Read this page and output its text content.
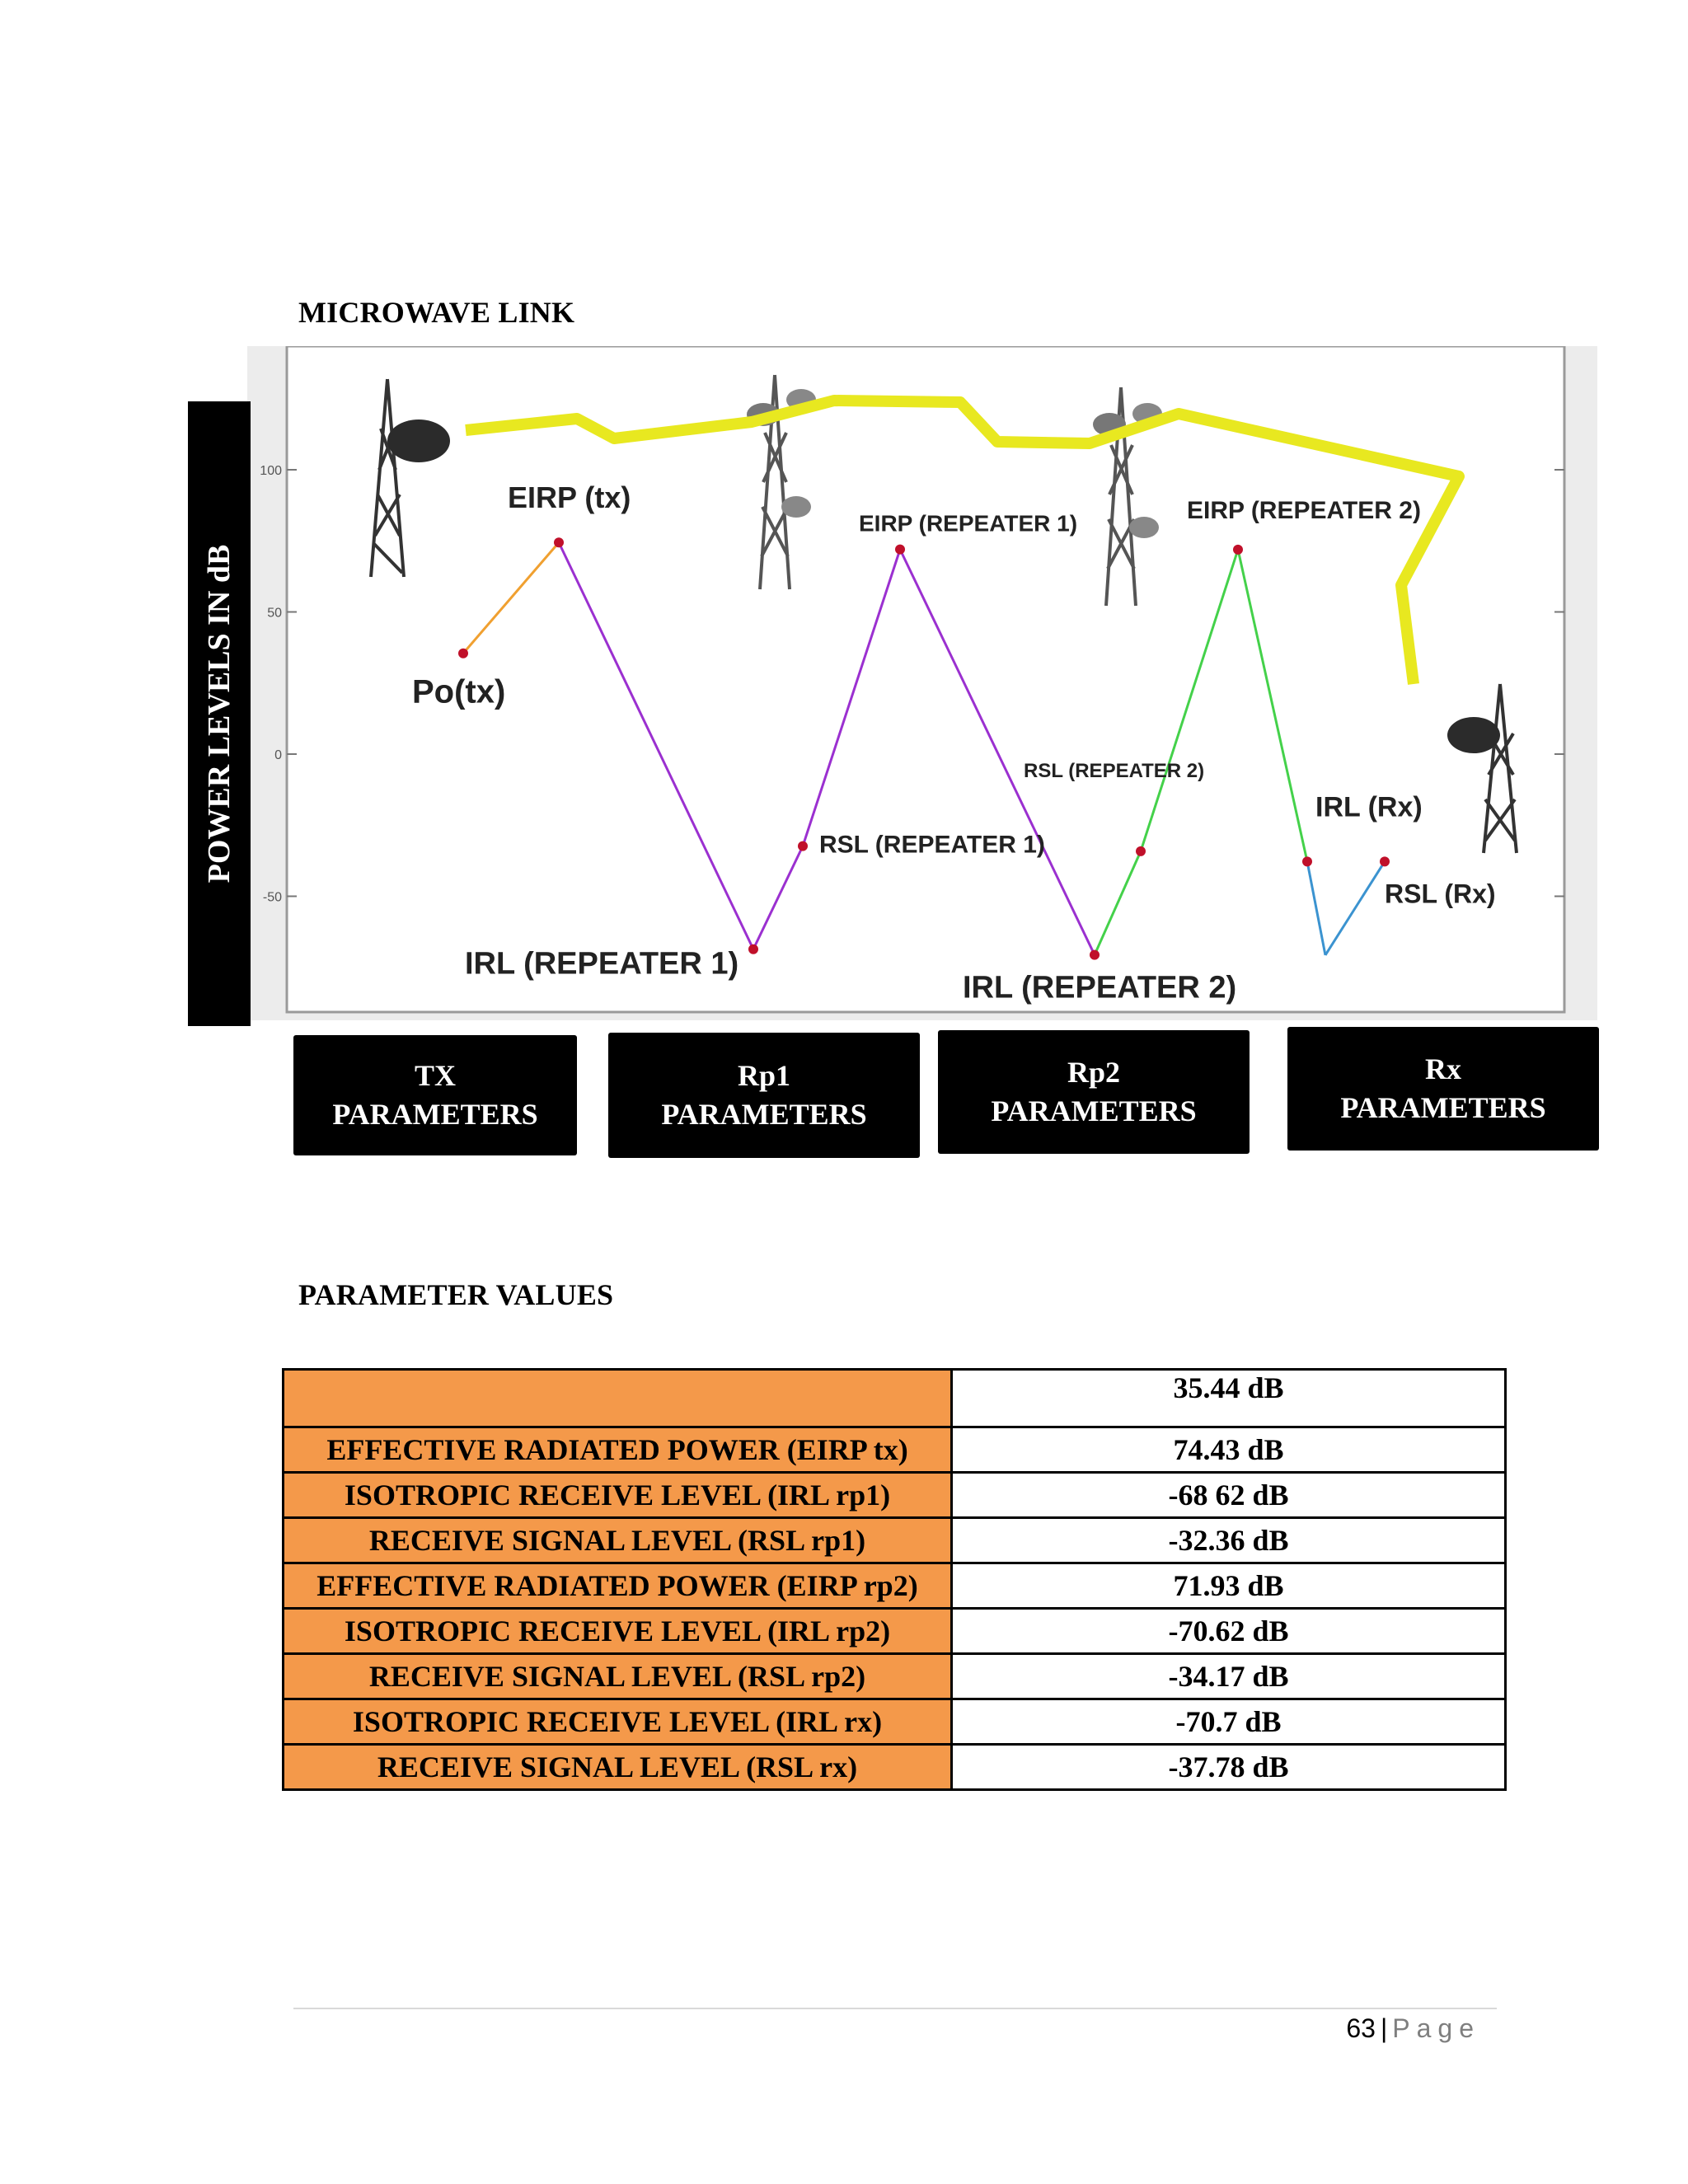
MICROWAVE LINK
100
50
0
-50
Po(tx)
EIRP (tx)
IRL (REPEATER 1)
RSL (REPEATER 1)
EIRP (REPEATER 1)
IRL (REPEATER 2)
RSL (REPEATER 2)
EIRP (REPEATER 2)
IRL (Rx)
RSL (Rx)
POWER LEVELS IN dB
TX
PARAMETERS
Rp1
PARAMETERS
Rp2
PARAMETERS
Rx
PARAMETERS
PARAMETER VALUES
	35.44 dB
EFFECTIVE RADIATED POWER (EIRP tx)	74.43 dB
ISOTROPIC RECEIVE LEVEL (IRL rp1)	-68 62 dB
RECEIVE SIGNAL LEVEL (RSL rp1)	-32.36 dB
EFFECTIVE RADIATED POWER (EIRP rp2)	71.93 dB
ISOTROPIC RECEIVE LEVEL (IRL rp2)	-70.62 dB
RECEIVE SIGNAL LEVEL (RSL rp2)	-34.17 dB
ISOTROPIC RECEIVE LEVEL (IRL rx)	-70.7 dB
RECEIVE SIGNAL LEVEL (RSL rx)	-37.78 dB
63 | Page
